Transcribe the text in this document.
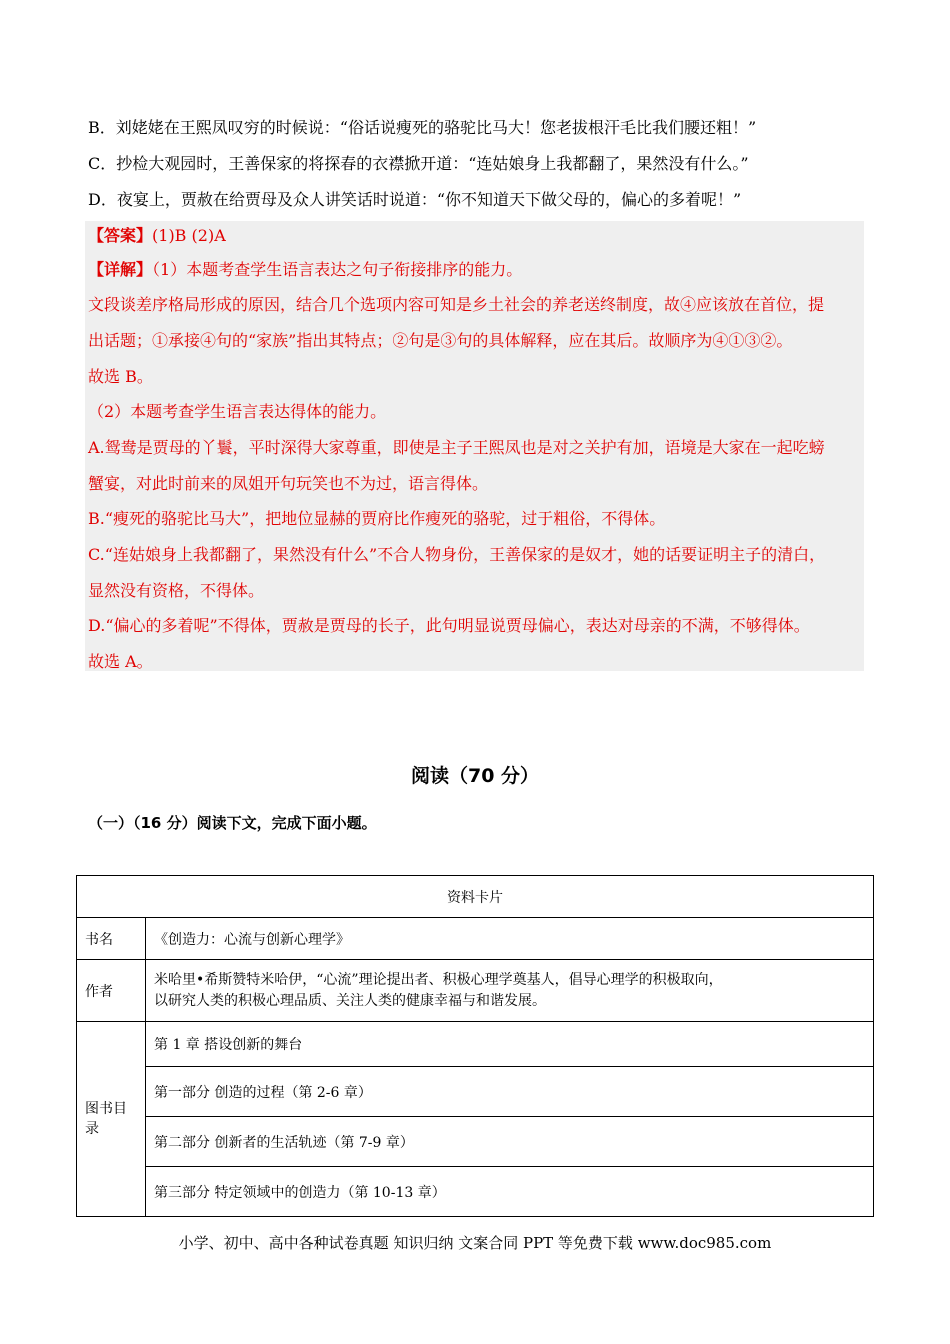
B．刘姥姥在王熙凤叹穷的时候说：“俗话说瘦死的骆驼比马大！您老拔根汗毛比我们腰还粗！”
C．抄检大观园时，王善保家的将探春的衣襟掀开道：“连姑娘身上我都翻了，果然没有什么。”
D．夜宴上，贾赦在给贾母及众人讲笑话时说道：“你不知道天下做父母的，偏心的多着呢！”
【答案】(1)B (2)A
【详解】（1）本题考查学生语言表达之句子衔接排序的能力。
文段谈差序格局形成的原因，结合几个选项内容可知是乡土社会的养老送终制度，故④应该放在首位，提
出话题；①承接④句的“家族”指出其特点；②句是③句的具体解释，应在其后。故顺序为④①③②。
故选 B。
（2）本题考查学生语言表达得体的能力。
A.鸳鸯是贾母的丫鬟，平时深得大家尊重，即使是主子王熙凤也是对之关护有加，语境是大家在一起吃螃
蟹宴，对此时前来的凤姐开句玩笑也不为过，语言得体。
B.“瘦死的骆驼比马大”，把地位显赫的贾府比作瘦死的骆驼，过于粗俗，不得体。
C.“连姑娘身上我都翻了，果然没有什么”不合人物身份，王善保家的是奴才，她的话要证明主子的清白，
显然没有资格，不得体。
D.“偏心的多着呢”不得体，贾赦是贾母的长子，此句明显说贾母偏心，表达对母亲的不满，不够得体。
故选 A。
阅读（70 分）
（一）（16 分）阅读下文，完成下面小题。
资料卡片	
书名	《创造力：心流与创新心理学》
作者	米哈里•希斯赞特米哈伊，“心流”理论提出者、积极心理学奠基人，倡导心理学的积极取向，
以研究人类的积极心理品质、关注人类的健康幸福与和谐发展。

图书目录	第 1 章 搭设创新的舞台
	第一部分 创造的过程（第 2-6 章）
	第二部分 创新者的生活轨迹（第 7-9 章）
	第三部分 特定领域中的创造力（第 10-13 章）
小学、初中、高中各种试卷真题 知识归纳 文案合同 PPT 等免费下载 www.doc985.com
